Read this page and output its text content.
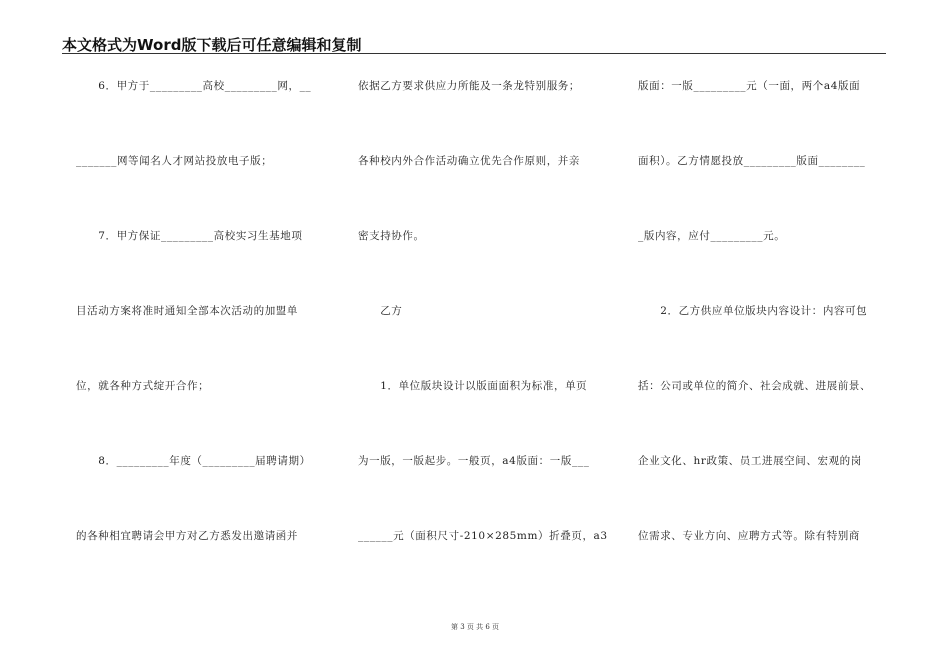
本文格式为Word版下载后可任意编辑和复制
　　6．甲方于_________高校_________网，__
_______网等闻名人才网站投放电子版；
　　7．甲方保证_________高校实习生基地项
目活动方案将准时通知全部本次活动的加盟单
位，就各种方式绽开合作；
　　8．_________年度（_________届聘请期）
的各种相宜聘请会甲方对乙方悉发出邀请函并
依据乙方要求供应力所能及一条龙特别服务；
各种校内外合作活动确立优先合作原则，并亲
密支持协作。
　　乙方
　　1．单位版块设计以版面面积为标准，单页
为一版，一版起步。一般页，a4版面：一版___
______元（面积尺寸-210×285mm）折叠页，a3
版面：一版_________元（一面，两个a4版面
面积）。乙方情愿投放_________版面________
_版内容，应付_________元。
　　2．乙方供应单位版块内容设计：内容可包
括：公司或单位的简介、社会成就、进展前景、
企业文化、hr政策、员工进展空间、宏观的岗
位需求、专业方向、应聘方式等。除有特别商
第 3 页 共 6 页
